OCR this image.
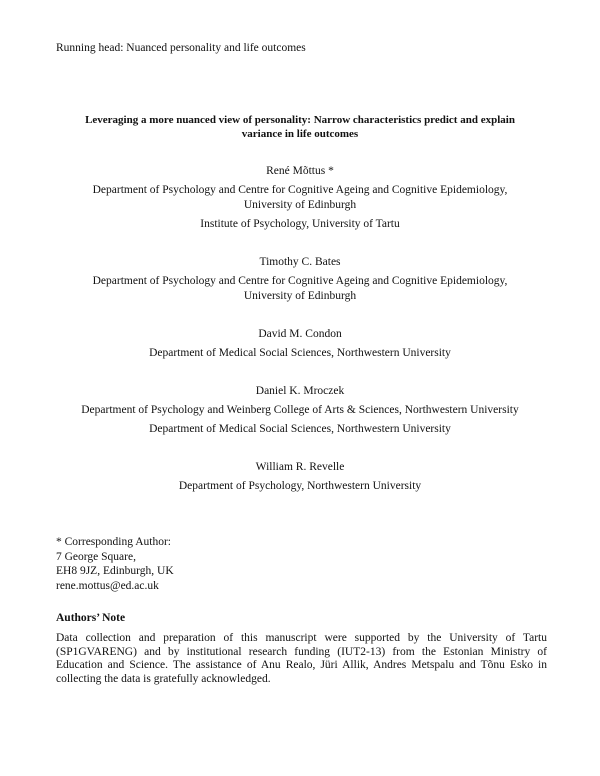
Running head: Nuanced personality and life outcomes
Leveraging a more nuanced view of personality: Narrow characteristics predict and explain
variance in life outcomes
René Mõttus *
Department of Psychology and Centre for Cognitive Ageing and Cognitive Epidemiology,
University of Edinburgh
Institute of Psychology, University of Tartu
Timothy C. Bates
Department of Psychology and Centre for Cognitive Ageing and Cognitive Epidemiology,
University of Edinburgh
David M. Condon
Department of Medical Social Sciences, Northwestern University
Daniel K. Mroczek
Department of Psychology and Weinberg College of Arts & Sciences, Northwestern University
Department of Medical Social Sciences, Northwestern University
William R. Revelle
Department of Psychology, Northwestern University
* Corresponding Author:
7 George Square,
EH8 9JZ, Edinburgh, UK
rene.mottus@ed.ac.uk
Authors’ Note
Data collection and preparation of this manuscript were supported by the University of Tartu
(SP1GVARENG) and by institutional research funding (IUT2-13) from the Estonian Ministry of
Education and Science. The assistance of Anu Realo, Jüri Allik, Andres Metspalu and Tõnu Esko in
collecting the data is gratefully acknowledged.
